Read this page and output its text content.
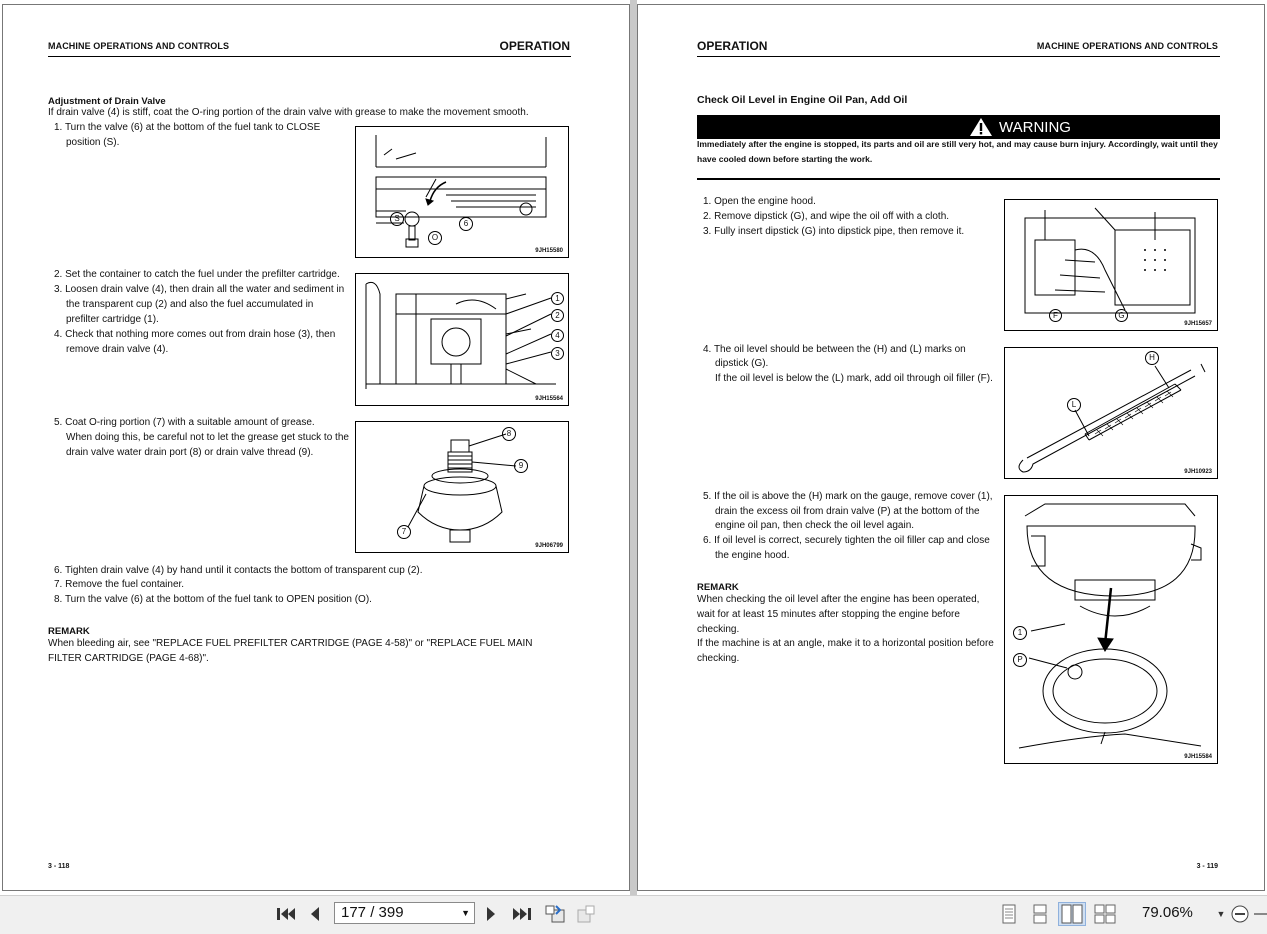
MACHINE OPERATIONS AND CONTROLS	OPERATION
Adjustment of Drain Valve
If drain valve (4) is stiff, coat the O-ring portion of the drain valve with grease to make the movement smooth.
1. Turn the valve (6) at the bottom of the fuel tank to CLOSE
position (S).
S
6
O
9JH15580
2. Set the container to catch the fuel under the prefilter cartridge.
3. Loosen drain valve (4), then drain all the water and sediment in
the transparent cup (2) and also the fuel accumulated in
prefilter cartridge (1).
4. Check that nothing more comes out from drain hose (3), then
remove drain valve (4).
1
2
4
3
9JH15564
5. Coat O-ring portion (7) with a suitable amount of grease.
When doing this, be careful not to let the grease get stuck to the
drain valve water drain port (8) or drain valve thread (9).
8
9
7
9JH06799
6. Tighten drain valve (4) by hand until it contacts the bottom of transparent cup (2).
7. Remove the fuel container.
8. Turn the valve (6) at the bottom of the fuel tank to OPEN position (O).
REMARK
When bleeding air, see "REPLACE FUEL PREFILTER CARTRIDGE (PAGE 4-58)" or "REPLACE FUEL MAIN
FILTER CARTRIDGE (PAGE 4-68)".
3 - 118
OPERATION	MACHINE OPERATIONS AND CONTROLS
Check Oil Level in Engine Oil Pan, Add Oil
WARNING
Immediately after the engine is stopped, its parts and oil are still very hot, and may cause burn injury. Accordingly, wait until they
have cooled down before starting the work.
1. Open the engine hood.
2. Remove dipstick (G), and wipe the oil off with a cloth.
3. Fully insert dipstick (G) into dipstick pipe, then remove it.
F	G
9JH15657
4. The oil level should be between the (H) and (L) marks on
dipstick (G).
If the oil level is below the (L) mark, add oil through oil filler (F).
H
L
9JH10923
5. If the oil is above the (H) mark on the gauge, remove cover (1),
drain the excess oil from drain valve (P) at the bottom of the
engine oil pan, then check the oil level again.
6. If oil level is correct, securely tighten the oil filler cap and close
the engine hood.
REMARK
When checking the oil level after the engine has been operated,
wait for at least 15 minutes after stopping the engine before
checking.
If the machine is at an angle, make it to a horizontal position before
checking.
1
P
9JH15584
3 - 119
177 / 399	▼	79.06%	▼
